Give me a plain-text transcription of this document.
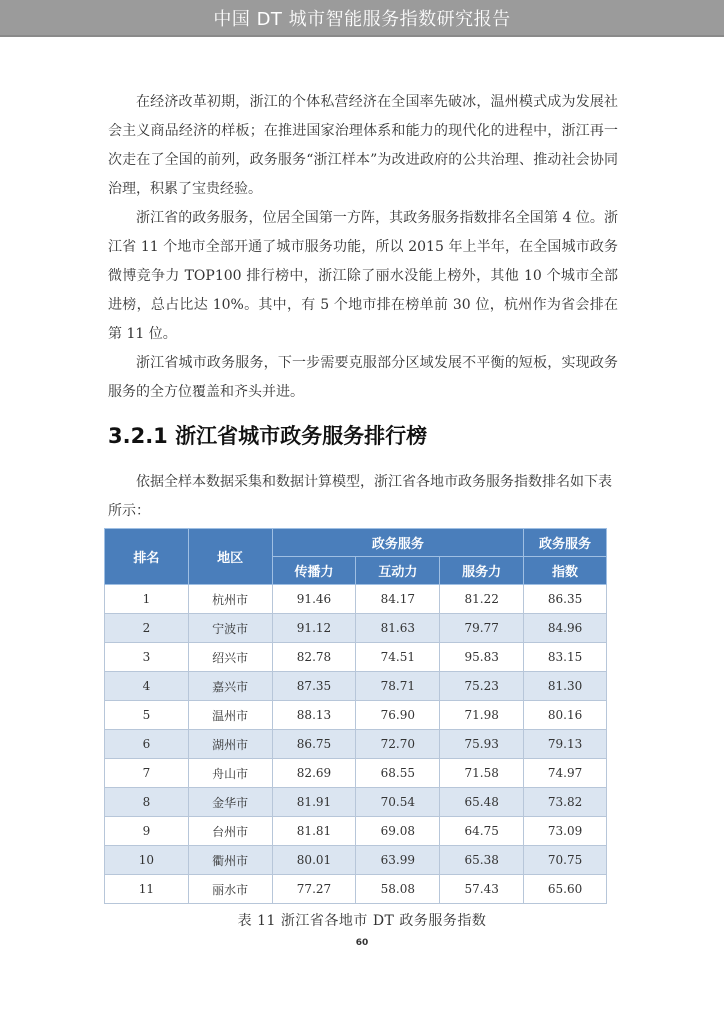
中国 DT 城市智能服务指数研究报告

在经济改革初期，浙江的个体私营经济在全国率先破冰，温州模式成为发展社会主义商品经济的样板；在推进国家治理体系和能力的现代化的进程中，浙江再一次走在了全国的前列，政务服务“浙江样本”为改进政府的公共治理、推动社会协同治理，积累了宝贵经验。

浙江省的政务服务，位居全国第一方阵，其政务服务指数排名全国第 4 位。浙江省 11 个地市全部开通了城市服务功能，所以 2015 年上半年，在全国城市政务微博竞争力 TOP100 排行榜中，浙江除了丽水没能上榜外，其他 10 个城市全部进榜，总占比达 10%。其中，有 5 个地市排在榜单前 30 位，杭州作为省会排在第 11 位。

浙江省城市政务服务，下一步需要克服部分区域发展不平衡的短板，实现政务服务的全方位覆盖和齐头并进。

3.2.1 浙江省城市政务服务排行榜

依据全样本数据采集和数据计算模型，浙江省各地市政务服务指数排名如下表所示：

排名	地区	政务服务			政务服务
		传播力	互动力	服务力	指数
1	杭州市	91.46	84.17	81.22	86.35
2	宁波市	91.12	81.63	79.77	84.96
3	绍兴市	82.78	74.51	95.83	83.15
4	嘉兴市	87.35	78.71	75.23	81.30
5	温州市	88.13	76.90	71.98	80.16
6	湖州市	86.75	72.70	75.93	79.13
7	舟山市	82.69	68.55	71.58	74.97
8	金华市	81.91	70.54	65.48	73.82
9	台州市	81.81	69.08	64.75	73.09
10	衢州市	80.01	63.99	65.38	70.75
11	丽水市	77.27	58.08	57.43	65.60
表 11 浙江省各地市 DT 政务服务指数
60
